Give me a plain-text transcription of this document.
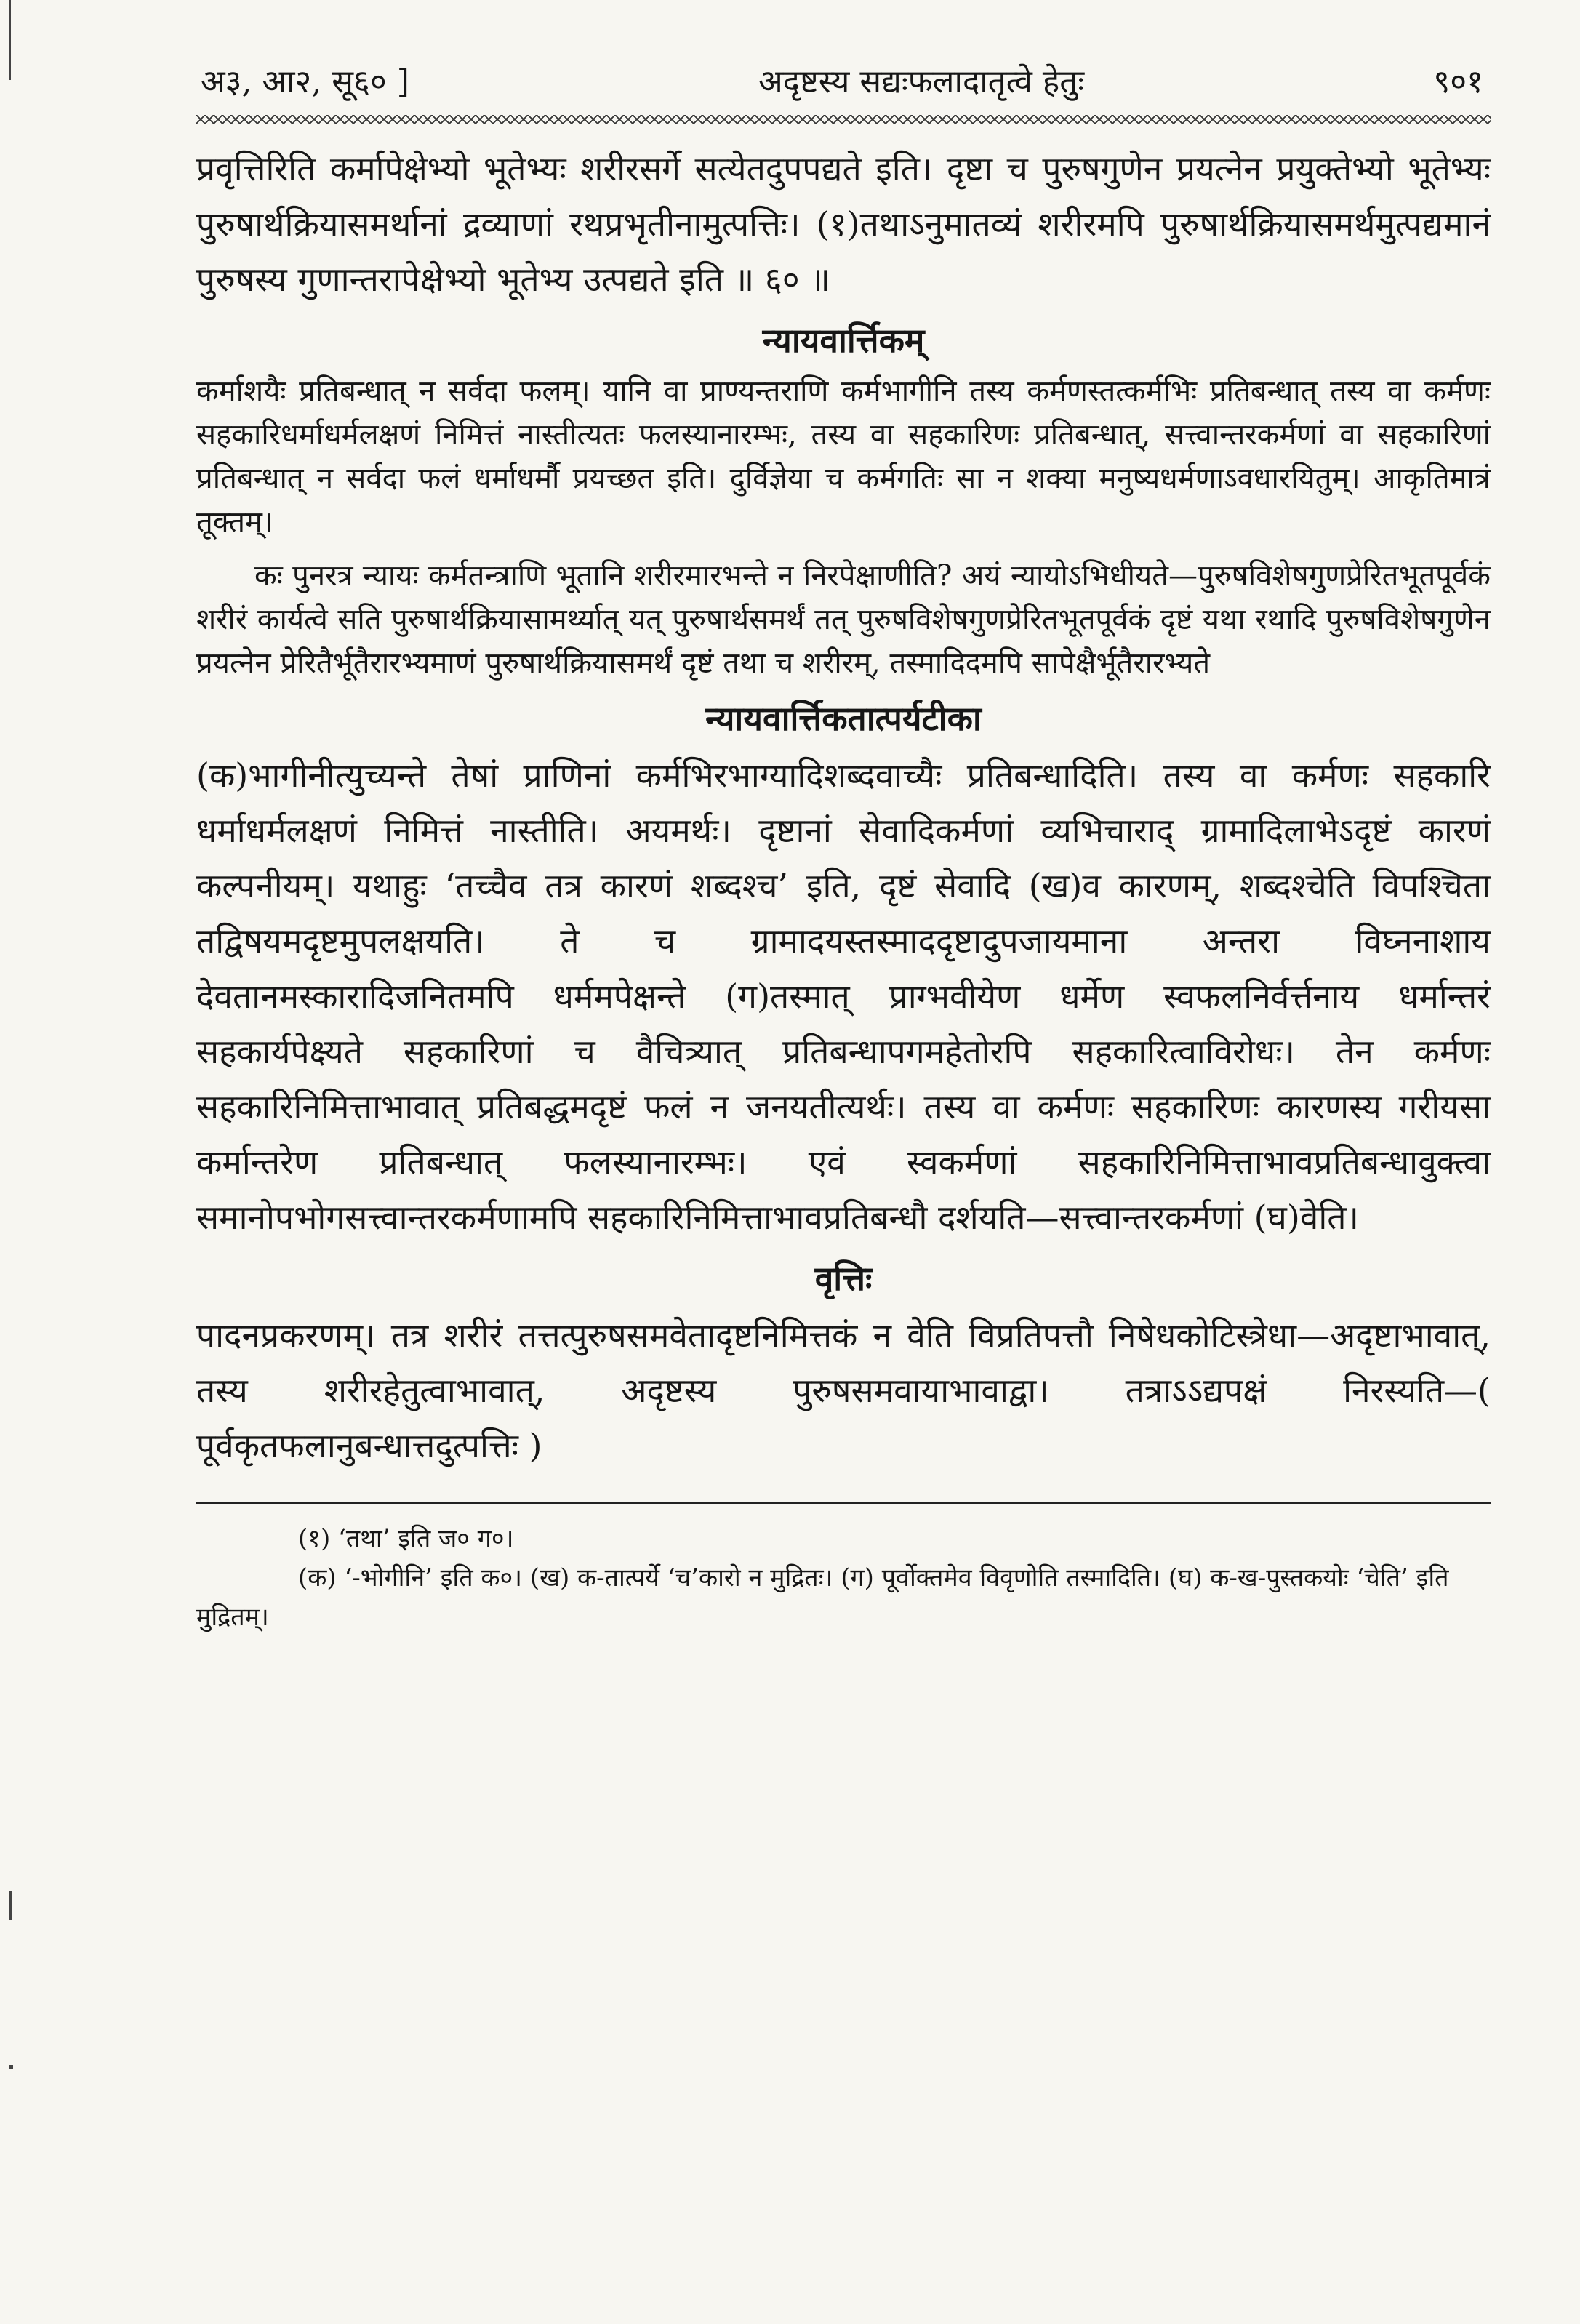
अ३, आ२, सू६० ]	अदृष्टस्य सद्यःफलादातृत्वे हेतुः	९०१

प्रवृत्तिरिति कर्मापेक्षेभ्यो भूतेभ्यः शरीरसर्गे सत्येतदुपपद्यते इति। दृष्टा च पुरुषगुणेन प्रयत्नेन प्रयुक्तेभ्यो भूतेभ्यः पुरुषार्थक्रियासमर्थानां द्रव्याणां रथप्रभृतीनामुत्पत्तिः। (१)तथाऽनुमातव्यं शरीरमपि पुरुषार्थक्रियासमर्थमुत्पद्यमानं पुरुषस्य गुणान्तरापेक्षेभ्यो भूतेभ्य उत्पद्यते इति ॥ ६० ॥

न्यायवार्त्तिकम्

कर्माशयैः प्रतिबन्धात् न सर्वदा फलम्। यानि वा प्राण्यन्तराणि कर्मभागीनि तस्य कर्मणस्तत्कर्मभिः प्रतिबन्धात् तस्य वा कर्मणः सहकारिधर्माधर्मलक्षणं निमित्तं नास्तीत्यतः फलस्यानारम्भः, तस्य वा सहकारिणः प्रतिबन्धात्, सत्त्वान्तरकर्मणां वा सहकारिणां प्रतिबन्धात् न सर्वदा फलं धर्माधर्मौ प्रयच्छत इति। दुर्विज्ञेया च कर्मगतिः सा न शक्या मनुष्यधर्मणाऽवधारयितुम्। आकृतिमात्रं तूक्तम्।

कः पुनरत्र न्यायः कर्मतन्त्राणि भूतानि शरीरमारभन्ते न निरपेक्षाणीति? अयं न्यायोऽभिधीयते—पुरुषविशेषगुणप्रेरितभूतपूर्वकं शरीरं कार्यत्वे सति पुरुषार्थक्रियासामर्थ्यात् यत् पुरुषार्थसमर्थं तत् पुरुषविशेषगुणप्रेरितभूतपूर्वकं दृष्टं यथा रथादि पुरुषविशेषगुणेन प्रयत्नेन प्रेरितैर्भूतैरारभ्यमाणं पुरुषार्थक्रियासमर्थं दृष्टं तथा च शरीरम्, तस्मादिदमपि सापेक्षैर्भूतैरारभ्यते

न्यायवार्त्तिकतात्पर्यटीका

(क)भागीनीत्युच्यन्ते तेषां प्राणिनां कर्मभिरभाग्यादिशब्दवाच्यैः प्रतिबन्धादिति। तस्य वा कर्मणः सहकारि धर्माधर्मलक्षणं निमित्तं नास्तीति। अयमर्थः। दृष्टानां सेवादिकर्मणां व्यभिचाराद् ग्रामादिलाभेऽदृष्टं कारणं कल्पनीयम्। यथाहुः ‘तच्चैव तत्र कारणं शब्दश्च’ इति, दृष्टं सेवादि (ख)व कारणम्, शब्दश्चेति विपश्चिता तद्विषयमदृष्टमुपलक्षयति। ते च ग्रामादयस्तस्माददृष्टादुपजायमाना अन्तरा विघ्ननाशाय देवतानमस्कारादिजनितमपि धर्ममपेक्षन्ते (ग)तस्मात् प्राग्भवीयेण धर्मेण स्वफलनिर्वर्त्तनाय धर्मान्तरं सहकार्यपेक्ष्यते सहकारिणां च वैचित्र्यात् प्रतिबन्धापगमहेतोरपि सहकारित्वाविरोधः। तेन कर्मणः सहकारिनिमित्ताभावात् प्रतिबद्धमदृष्टं फलं न जनयतीत्यर्थः। तस्य वा कर्मणः सहकारिणः कारणस्य गरीयसा कर्मान्तरेण प्रतिबन्धात् फलस्यानारम्भः। एवं स्वकर्मणां सहकारिनिमित्ताभावप्रतिबन्धावुक्त्वा समानोपभोगसत्त्वान्तरकर्मणामपि सहकारिनिमित्ताभावप्रतिबन्धौ दर्शयति—सत्त्वान्तरकर्मणां (घ)वेति।

वृत्तिः

पादनप्रकरणम्। तत्र शरीरं तत्तत्पुरुषसमवेतादृष्टनिमित्तकं न वेति विप्रतिपत्तौ निषेधकोटिस्त्रेधा—अदृष्टाभावात्, तस्य शरीरहेतुत्वाभावात्, अदृष्टस्य पुरुषसमवायाभावाद्वा। तत्राऽऽद्यपक्षं निरस्यति—( पूर्वकृतफलानुबन्धात्तदुत्पत्तिः )

(१) ‘तथा’ इति ज० ग०।

(क) ‘-भोगीनि’ इति क०। (ख) क-तात्पर्ये ‘च’कारो न मुद्रितः। (ग) पूर्वोक्तमेव विवृणोति तस्मादिति। (घ) क-ख-पुस्तकयोः ‘चेति’ इति मुद्रितम्।
